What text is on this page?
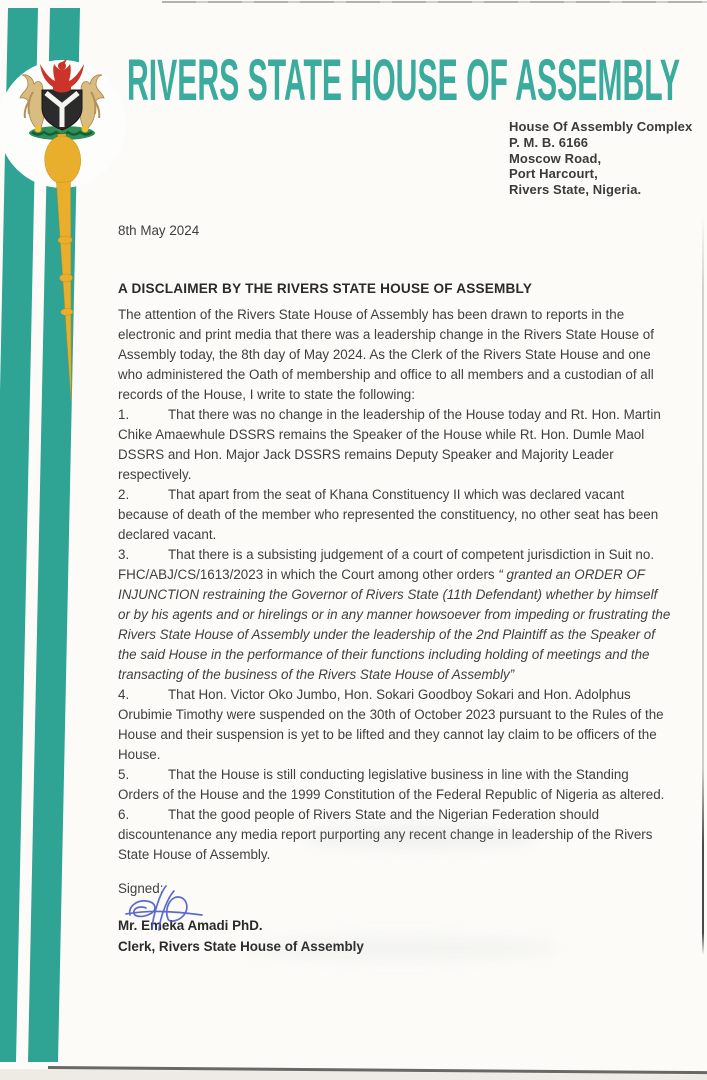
RIVERS STATE HOUSE OF ASSEMBLY
House Of Assembly Complex
P. M. B. 6166
Moscow Road,
Port Harcourt,
Rivers State, Nigeria.

8th May 2024

A DISCLAIMER BY THE RIVERS STATE HOUSE OF ASSEMBLY

The attention of the Rivers State House of Assembly has been drawn to reports in the electronic and print media that there was a leadership change in the Rivers State House of Assembly today, the 8th day of May 2024. As the Clerk of the Rivers State House and one who administered the Oath of membership and office to all members and a custodian of all records of the House, I write to state the following:

1.	That there was no change in the leadership of the House today and Rt. Hon. Martin Chike Amaewhule DSSRS remains the Speaker of the House while Rt. Hon. Dumle Maol DSSRS and Hon. Major Jack DSSRS remains Deputy Speaker and Majority Leader respectively.

2.	That apart from the seat of Khana Constituency II which was declared vacant because of death of the member who represented the constituency, no other seat has been declared vacant.

3.	That there is a subsisting judgement of a court of competent jurisdiction in Suit no. FHC/ABJ/CS/1613/2023 in which the Court among other orders “ granted an ORDER OF INJUNCTION restraining the Governor of Rivers State (11th Defendant) whether by himself or by his agents and or hirelings or in any manner howsoever from impeding or frustrating the Rivers State House of Assembly under the leadership of the 2nd Plaintiff as the Speaker of the said House in the performance of their functions including holding of meetings and the transacting of the business of the Rivers State House of Assembly”

4.	That Hon. Victor Oko Jumbo, Hon. Sokari Goodboy Sokari and Hon. Adolphus Orubimie Timothy were suspended on the 30th of October 2023 pursuant to the Rules of the House and their suspension is yet to be lifted and they cannot lay claim to be officers of the House.

5.	That the House is still conducting legislative business in line with the Standing Orders of the House and the 1999 Constitution of the Federal Republic of Nigeria as altered.

6.	That the good people of Rivers State and the Nigerian Federation should discountenance any media report purporting any recent change in leadership of the Rivers State House of Assembly.

Signed:

Mr. Emeka Amadi PhD.

Clerk, Rivers State House of Assembly
